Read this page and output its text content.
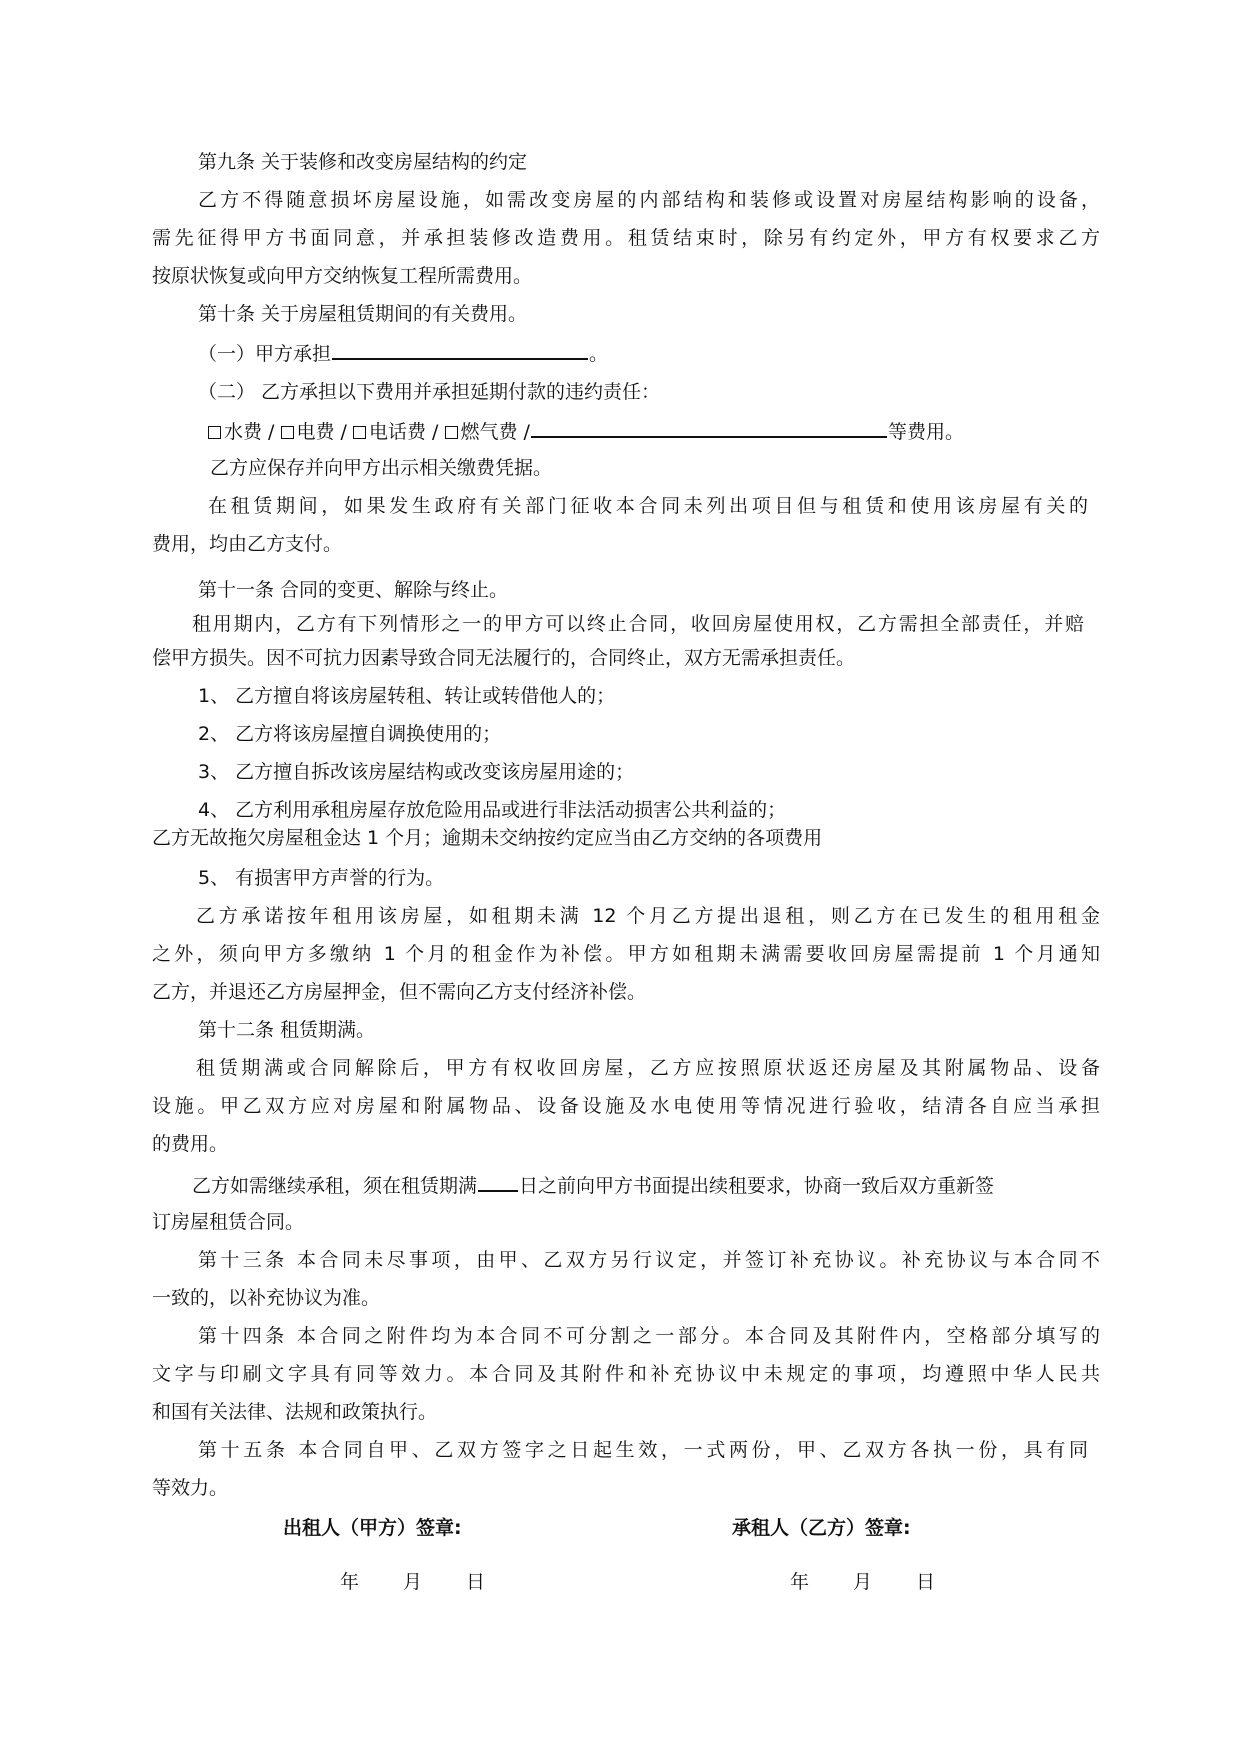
第九条 关于装修和改变房屋结构的约定
乙方不得随意损坏房屋设施，如需改变房屋的内部结构和装修或设置对房屋结构影响的设备，
需先征得甲方书面同意，并承担装修改造费用。租赁结束时，除另有约定外，甲方有权要求乙方
按原状恢复或向甲方交纳恢复工程所需费用。
第十条 关于房屋租赁期间的有关费用。
（一）甲方承担	。
（二） 乙方承担以下费用并承担延期付款的违约责任：
水费 / 电费 / 电话费 / 燃气费 /	等费用。
乙方应保存并向甲方出示相关缴费凭据。
在租赁期间，如果发生政府有关部门征收本合同未列出项目但与租赁和使用该房屋有关的
费用，均由乙方支付。
第十一条 合同的变更、解除与终止。
租用期内，乙方有下列情形之一的甲方可以终止合同，收回房屋使用权，乙方需担全部责任，并赔
偿甲方损失。因不可抗力因素导致合同无法履行的，合同终止，双方无需承担责任。
1、 乙方擅自将该房屋转租、转让或转借他人的；
2、 乙方将该房屋擅自调换使用的；
3、 乙方擅自拆改该房屋结构或改变该房屋用途的；
4、 乙方利用承租房屋存放危险用品或进行非法活动损害公共利益的；
乙方无故拖欠房屋租金达 1 个月；逾期未交纳按约定应当由乙方交纳的各项费用
5、 有损害甲方声誉的行为。
乙方承诺按年租用该房屋，如租期未满 12 个月乙方提出退租，则乙方在已发生的租用租金
之外，须向甲方多缴纳 1 个月的租金作为补偿。甲方如租期未满需要收回房屋需提前 1 个月通知
乙方，并退还乙方房屋押金，但不需向乙方支付经济补偿。
第十二条 租赁期满。
租赁期满或合同解除后，甲方有权收回房屋，乙方应按照原状返还房屋及其附属物品、设备
设施。甲乙双方应对房屋和附属物品、设备设施及水电使用等情况进行验收，结清各自应当承担
的费用。
乙方如需继续承租，须在租赁期满 日之前向甲方书面提出续租要求，协商一致后双方重新签
订房屋租赁合同。
第十三条 本合同未尽事项，由甲、乙双方另行议定，并签订补充协议。补充协议与本合同不
一致的，以补充协议为准。
第十四条 本合同之附件均为本合同不可分割之一部分。本合同及其附件内，空格部分填写的
文字与印刷文字具有同等效力。本合同及其附件和补充协议中未规定的事项，均遵照中华人民共
和国有关法律、法规和政策执行。
第十五条 本合同自甲、乙双方签字之日起生效，一式两份，甲、乙双方各执一份，具有同
等效力。
出租人（甲方）签章:	承租人（乙方）签章:
年	月	日	年	月	日
